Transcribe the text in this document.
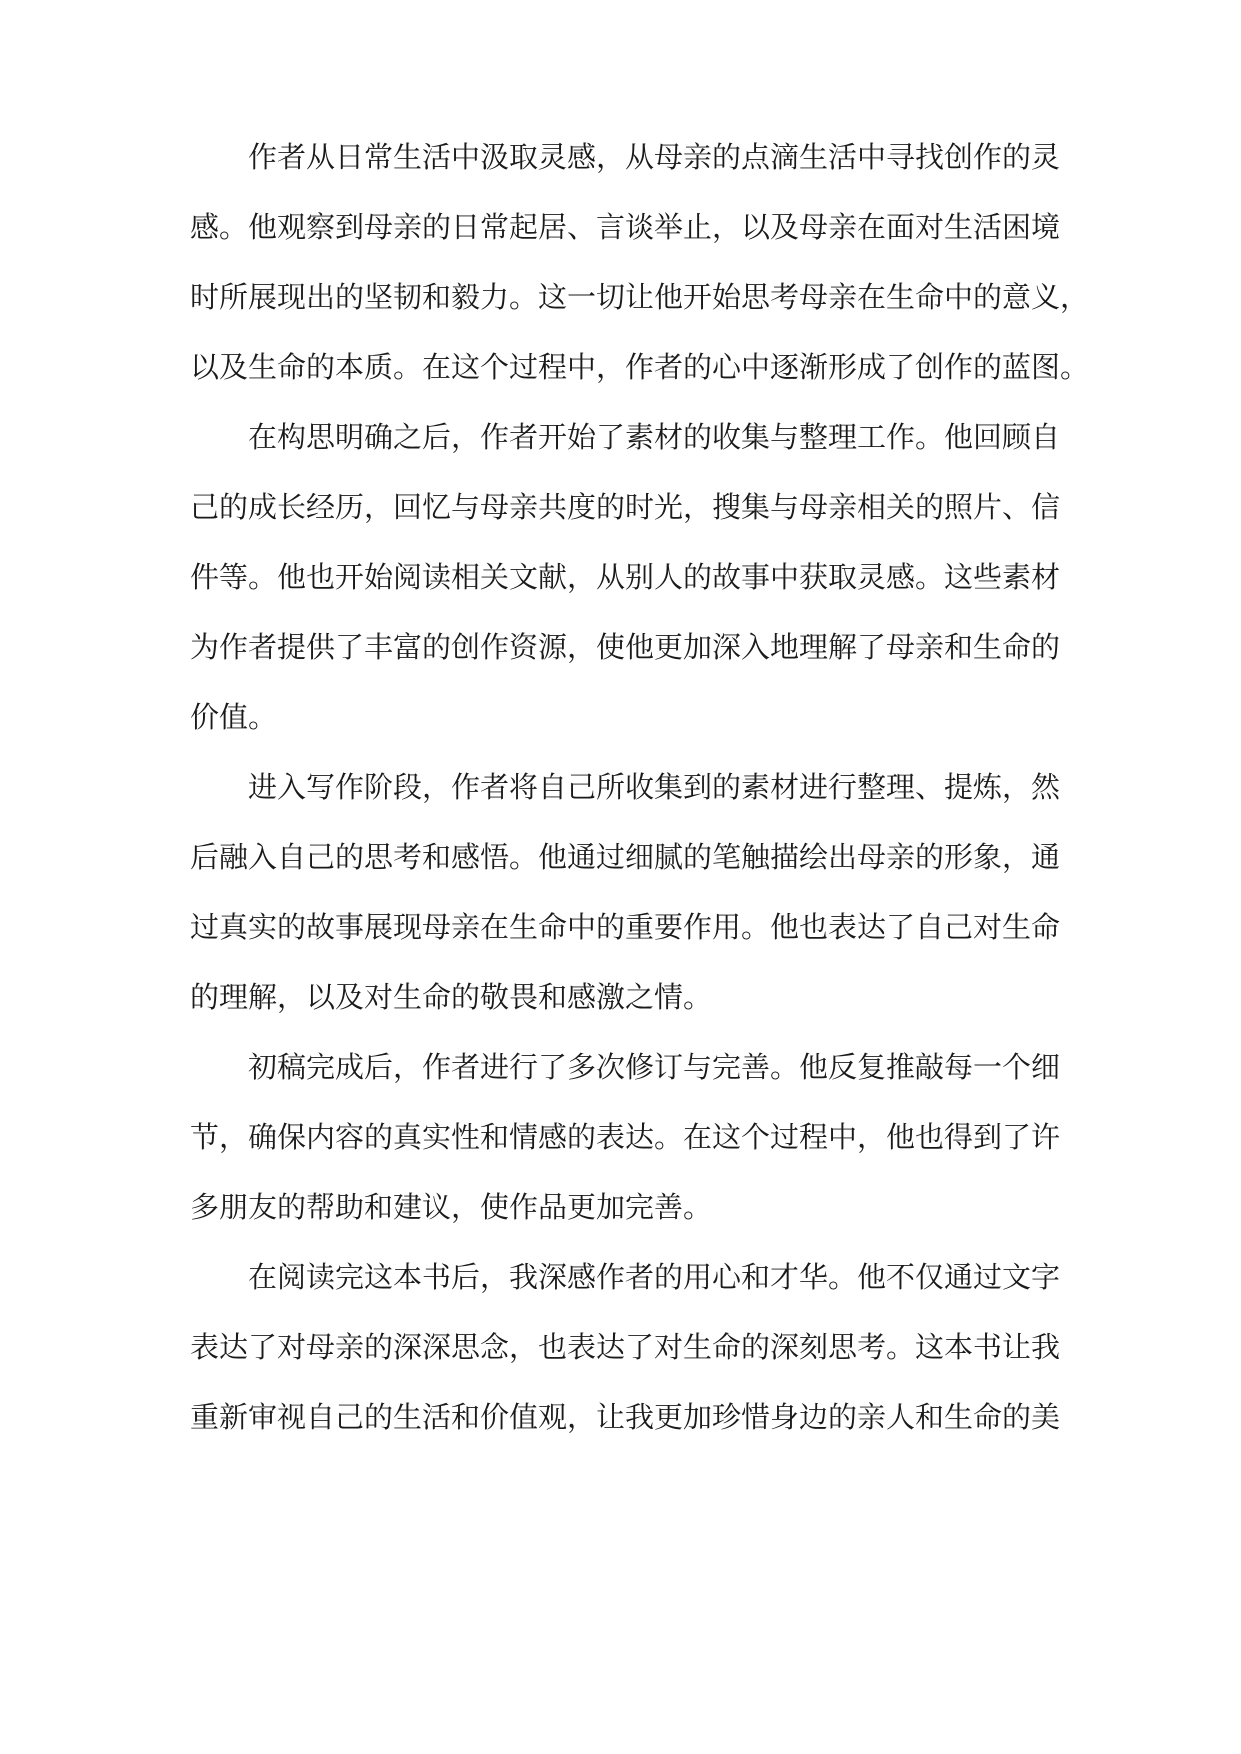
作者从日常生活中汲取灵感，从母亲的点滴生活中寻找创作的灵
感。他观察到母亲的日常起居、言谈举止，以及母亲在面对生活困境
时所展现出的坚韧和毅力。这一切让他开始思考母亲在生命中的意义，
以及生命的本质。在这个过程中，作者的心中逐渐形成了创作的蓝图。
在构思明确之后，作者开始了素材的收集与整理工作。他回顾自
己的成长经历，回忆与母亲共度的时光，搜集与母亲相关的照片、信
件等。他也开始阅读相关文献，从别人的故事中获取灵感。这些素材
为作者提供了丰富的创作资源，使他更加深入地理解了母亲和生命的
价值。
进入写作阶段，作者将自己所收集到的素材进行整理、提炼，然
后融入自己的思考和感悟。他通过细腻的笔触描绘出母亲的形象，通
过真实的故事展现母亲在生命中的重要作用。他也表达了自己对生命
的理解，以及对生命的敬畏和感激之情。
初稿完成后，作者进行了多次修订与完善。他反复推敲每一个细
节，确保内容的真实性和情感的表达。在这个过程中，他也得到了许
多朋友的帮助和建议，使作品更加完善。
在阅读完这本书后，我深感作者的用心和才华。他不仅通过文字
表达了对母亲的深深思念，也表达了对生命的深刻思考。这本书让我
重新审视自己的生活和价值观，让我更加珍惜身边的亲人和生命的美
